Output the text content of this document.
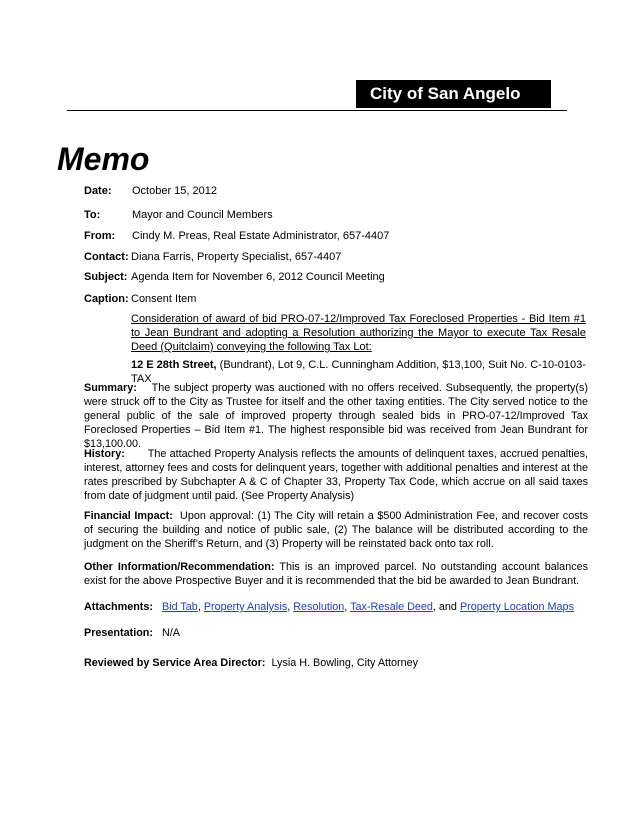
City of San Angelo
Memo
Date: October 15, 2012
To:	Mayor and Council Members
From: Cindy M. Preas, Real Estate Administrator, 657-4407
Contact: Diana Farris, Property Specialist, 657-4407
Subject: Agenda Item for November 6, 2012 Council Meeting
Caption: Consent Item
Consideration of award of bid PRO-07-12/Improved Tax Foreclosed Properties - Bid Item #1 to Jean Bundrant and adopting a Resolution authorizing the Mayor to execute Tax Resale Deed (Quitclaim) conveying the following Tax Lot:
12 E 28th Street, (Bundrant), Lot 9, C.L. Cunningham Addition, $13,100, Suit No. C-10-0103-TAX
Summary: The subject property was auctioned with no offers received. Subsequently, the property(s) were struck off to the City as Trustee for itself and the other taxing entities. The City served notice to the general public of the sale of improved property through sealed bids in PRO-07-12/Improved Tax Foreclosed Properties – Bid Item #1. The highest responsible bid was received from Jean Bundrant for $13,100.00.
History: The attached Property Analysis reflects the amounts of delinquent taxes, accrued penalties, interest, attorney fees and costs for delinquent years, together with additional penalties and interest at the rates prescribed by Subchapter A & C of Chapter 33, Property Tax Code, which accrue on all said taxes from date of judgment until paid. (See Property Analysis)
Financial Impact: Upon approval: (1) The City will retain a $500 Administration Fee, and recover costs of securing the building and notice of public sale, (2) The balance will be distributed according to the judgment on the Sheriff’s Return, and (3) Property will be reinstated back onto tax roll.
Other Information/Recommendation: This is an improved parcel. No outstanding account balances exist for the above Prospective Buyer and it is recommended that the bid be awarded to Jean Bundrant.
Attachments: Bid Tab, Property Analysis, Resolution, Tax-Resale Deed, and Property Location Maps
Presentation: N/A
Reviewed by Service Area Director: Lysia H. Bowling, City Attorney
